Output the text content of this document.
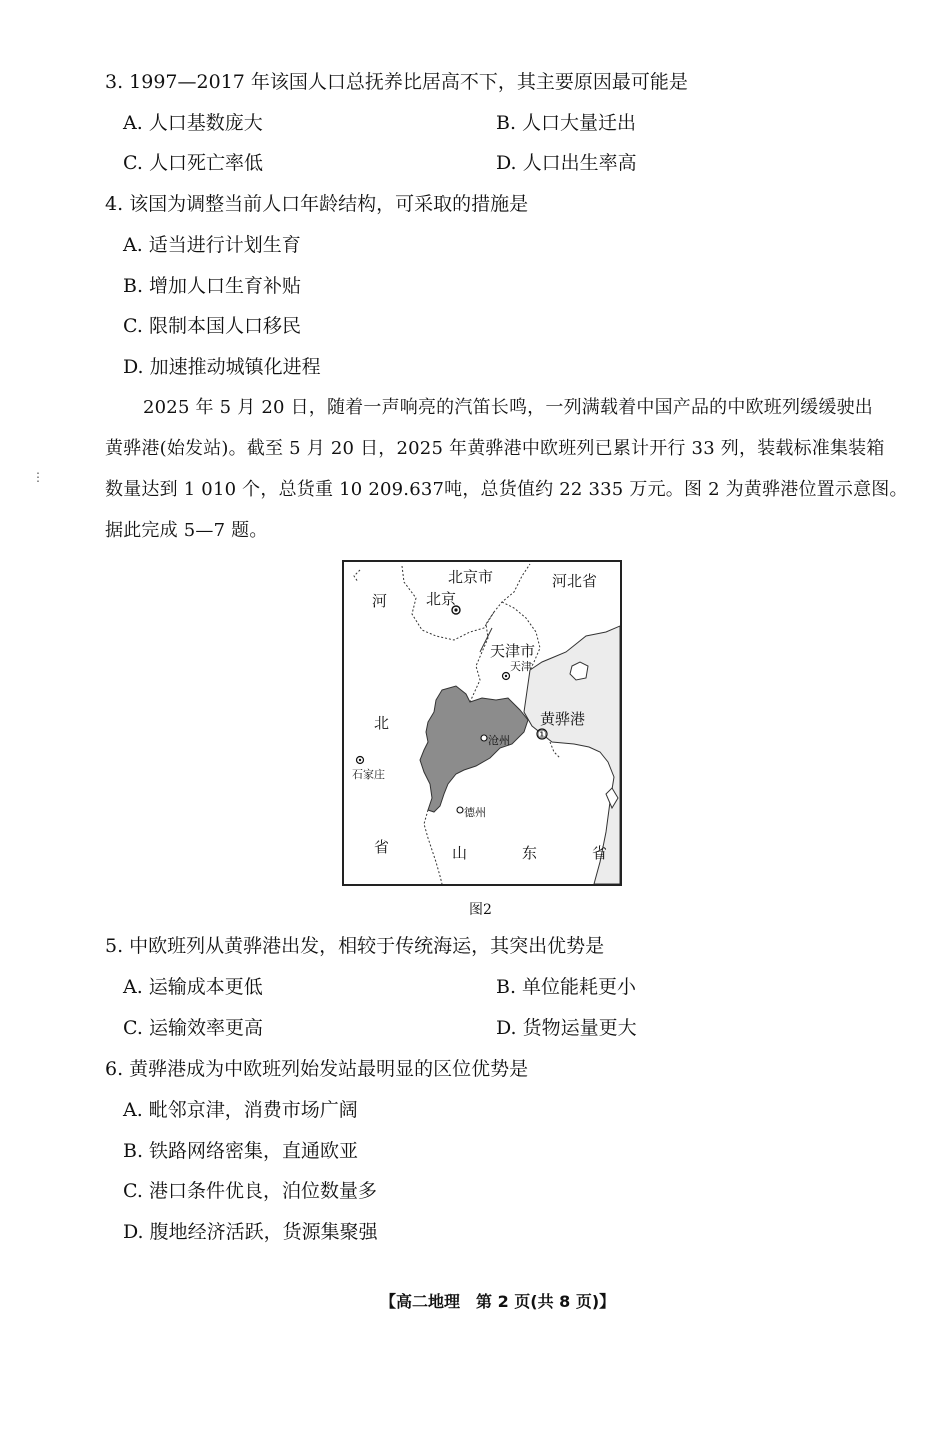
3. 1997—2017 年该国人口总抚养比居高不下，其主要原因最可能是
A. 人口基数庞大	B. 人口大量迁出
C. 人口死亡率低	D. 人口出生率高
4. 该国为调整当前人口年龄结构，可采取的措施是
A. 适当进行计划生育
B. 增加人口生育补贴
C. 限制本国人口移民
D. 加速推动城镇化进程
2025 年 5 月 20 日，随着一声响亮的汽笛长鸣，一列满载着中国产品的中欧班列缓缓驶出
黄骅港(始发站)。截至 5 月 20 日，2025 年黄骅港中欧班列已累计开行 33 列，装载标准集装箱
数量达到 1 010 个，总货重 10 209.637吨，总货值约 22 335 万元。图 2 为黄骅港位置示意图。
据此完成 5—7 题。
⋮
北京市	河北省
河	北京
天津市
天津
黄骅港
①
北
沧州
石家庄
德州
省	山	东	省
图2
5. 中欧班列从黄骅港出发，相较于传统海运，其突出优势是
A. 运输成本更低	B. 单位能耗更小
C. 运输效率更高	D. 货物运量更大
6. 黄骅港成为中欧班列始发站最明显的区位优势是
A. 毗邻京津，消费市场广阔
B. 铁路网络密集，直通欧亚
C. 港口条件优良，泊位数量多
D. 腹地经济活跃，货源集聚强
【高二地理　第 2 页(共 8 页)】
